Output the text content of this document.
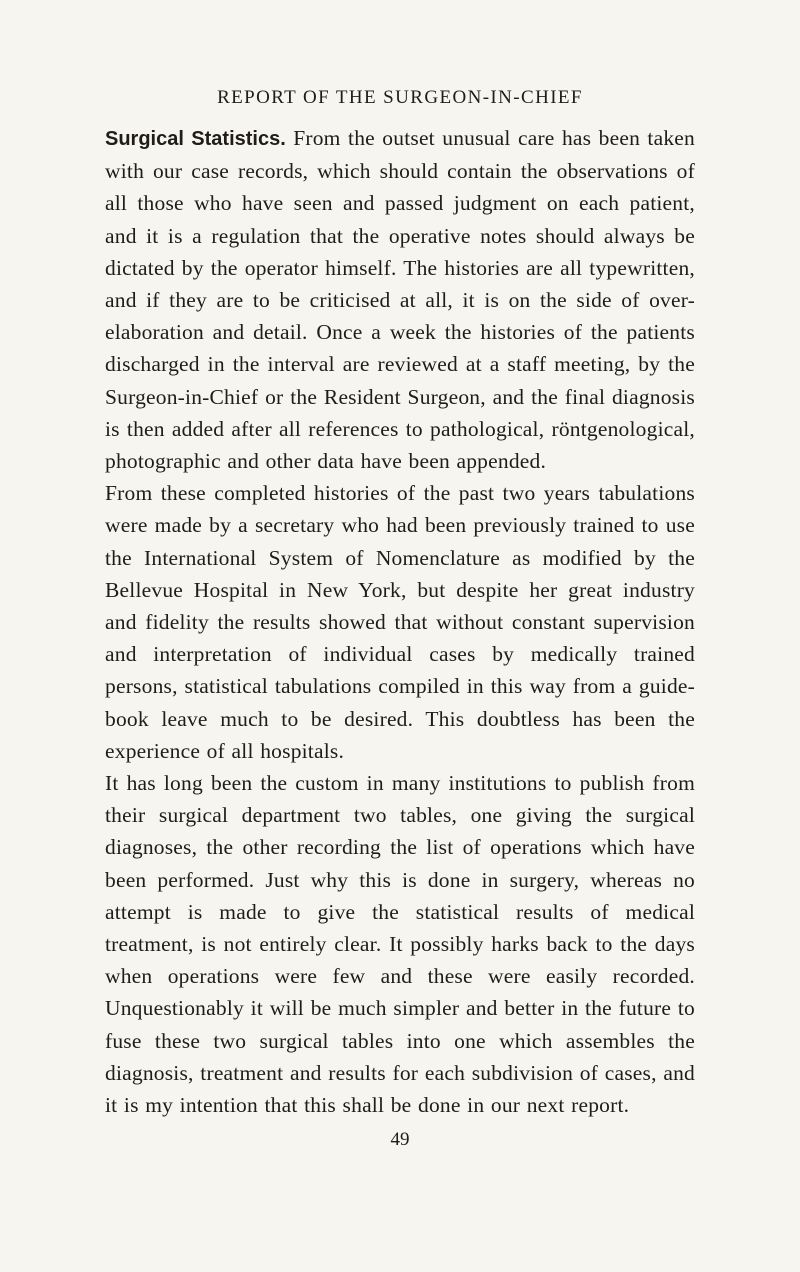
REPORT OF THE SURGEON-IN-CHIEF

Surgical Statistics. From the outset unusual care has been taken with our case records, which should contain the observations of all those who have seen and passed judgment on each patient, and it is a regulation that the operative notes should always be dictated by the operator himself. The histories are all typewritten, and if they are to be criticised at all, it is on the side of over-elaboration and detail. Once a week the histories of the patients discharged in the interval are reviewed at a staff meeting, by the Surgeon-in-Chief or the Resident Surgeon, and the final diagnosis is then added after all references to pathological, röntgenological, photographic and other data have been appended.

From these completed histories of the past two years tabulations were made by a secretary who had been previously trained to use the International System of Nomenclature as modified by the Bellevue Hospital in New York, but despite her great industry and fidelity the results showed that without constant supervision and interpretation of individual cases by medically trained persons, statistical tabulations compiled in this way from a guide-book leave much to be desired. This doubtless has been the experience of all hospitals.

It has long been the custom in many institutions to publish from their surgical department two tables, one giving the surgical diagnoses, the other recording the list of operations which have been performed. Just why this is done in surgery, whereas no attempt is made to give the statistical results of medical treatment, is not entirely clear. It possibly harks back to the days when operations were few and these were easily recorded. Unquestionably it will be much simpler and better in the future to fuse these two surgical tables into one which assembles the diagnosis, treatment and results for each subdivision of cases, and it is my intention that this shall be done in our next report.

49
